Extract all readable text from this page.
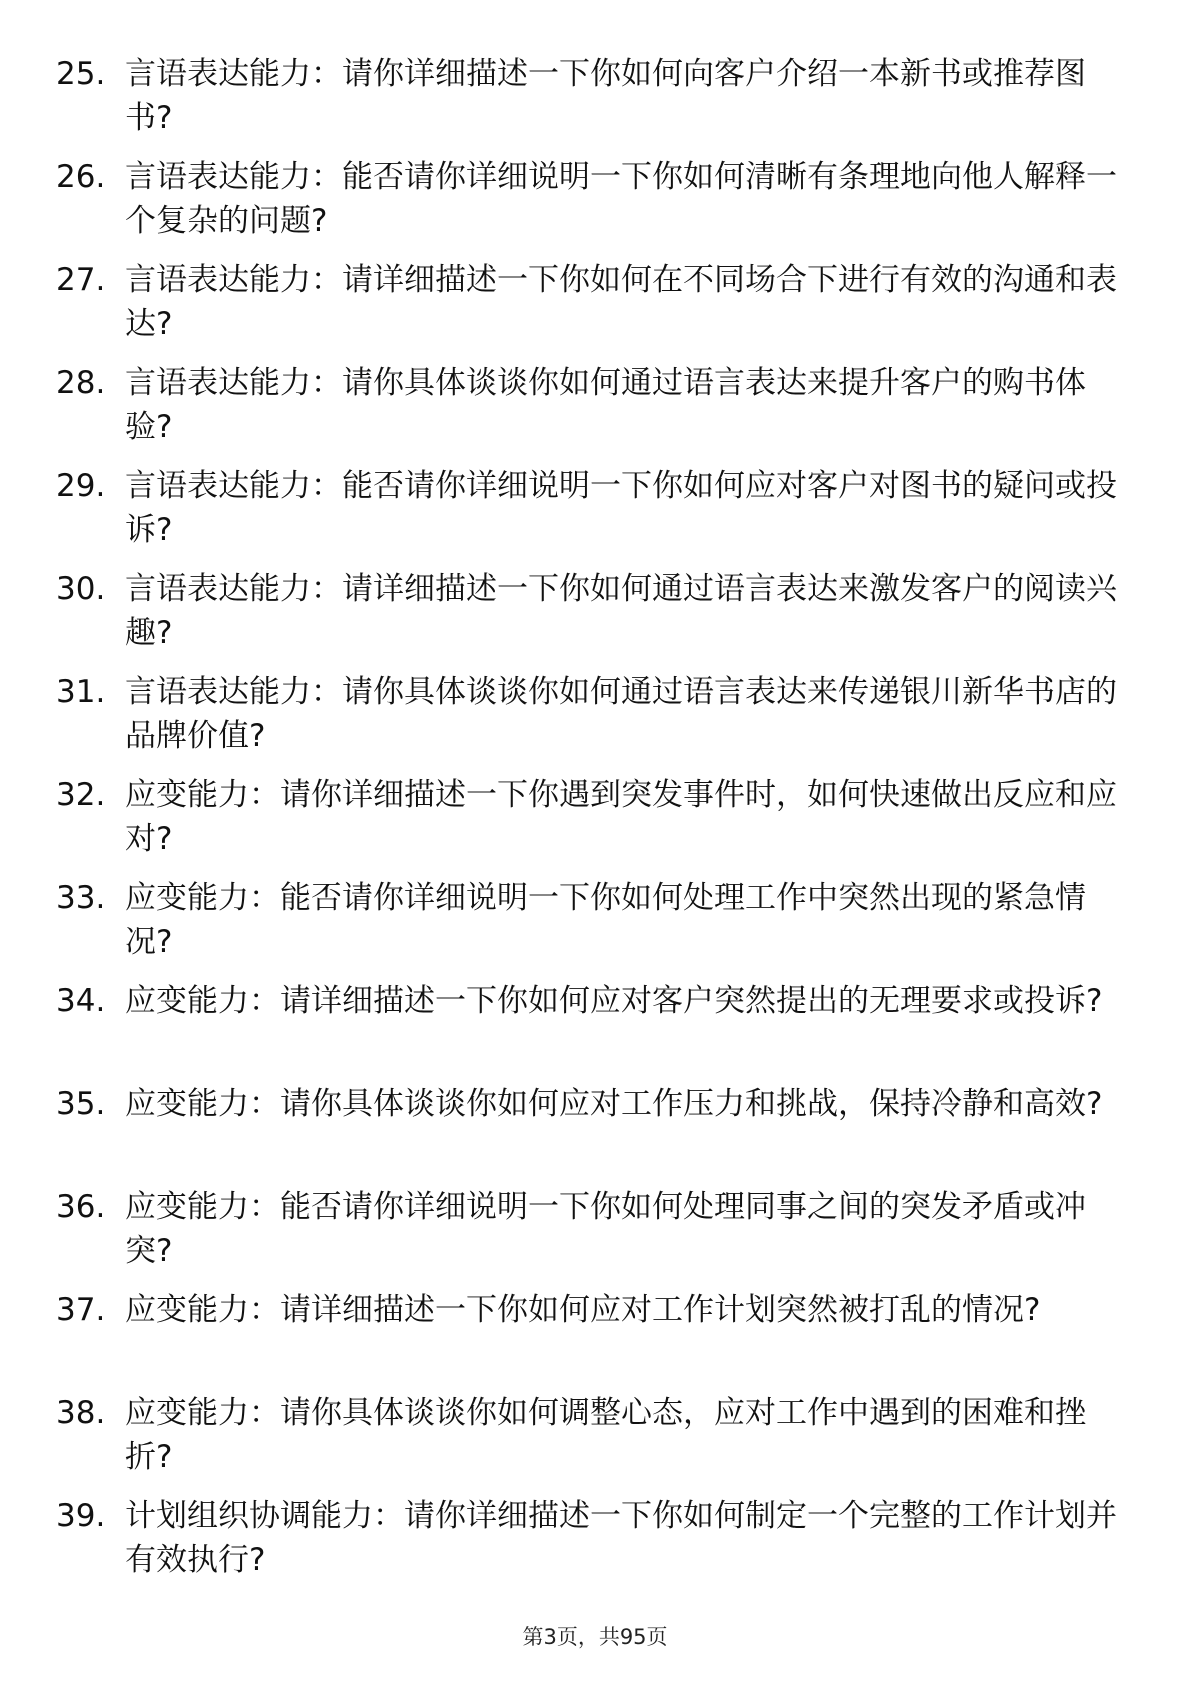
25. 言语表达能力：请你详细描述一下你如何向客户介绍一本新书或推荐图书?
26. 言语表达能力：能否请你详细说明一下你如何清晰有条理地向他人解释一个复杂的问题?
27. 言语表达能力：请详细描述一下你如何在不同场合下进行有效的沟通和表达?
28. 言语表达能力：请你具体谈谈你如何通过语言表达来提升客户的购书体验?
29. 言语表达能力：能否请你详细说明一下你如何应对客户对图书的疑问或投诉?
30. 言语表达能力：请详细描述一下你如何通过语言表达来激发客户的阅读兴趣?
31. 言语表达能力：请你具体谈谈你如何通过语言表达来传递银川新华书店的品牌价值?
32. 应变能力：请你详细描述一下你遇到突发事件时，如何快速做出反应和应对?
33. 应变能力：能否请你详细说明一下你如何处理工作中突然出现的紧急情况?
34. 应变能力：请详细描述一下你如何应对客户突然提出的无理要求或投诉?
35. 应变能力：请你具体谈谈你如何应对工作压力和挑战，保持冷静和高效?
36. 应变能力：能否请你详细说明一下你如何处理同事之间的突发矛盾或冲突?
37. 应变能力：请详细描述一下你如何应对工作计划突然被打乱的情况?
38. 应变能力：请你具体谈谈你如何调整心态，应对工作中遇到的困难和挫折?
39. 计划组织协调能力：请你详细描述一下你如何制定一个完整的工作计划并有效执行?
第3页，共95页
